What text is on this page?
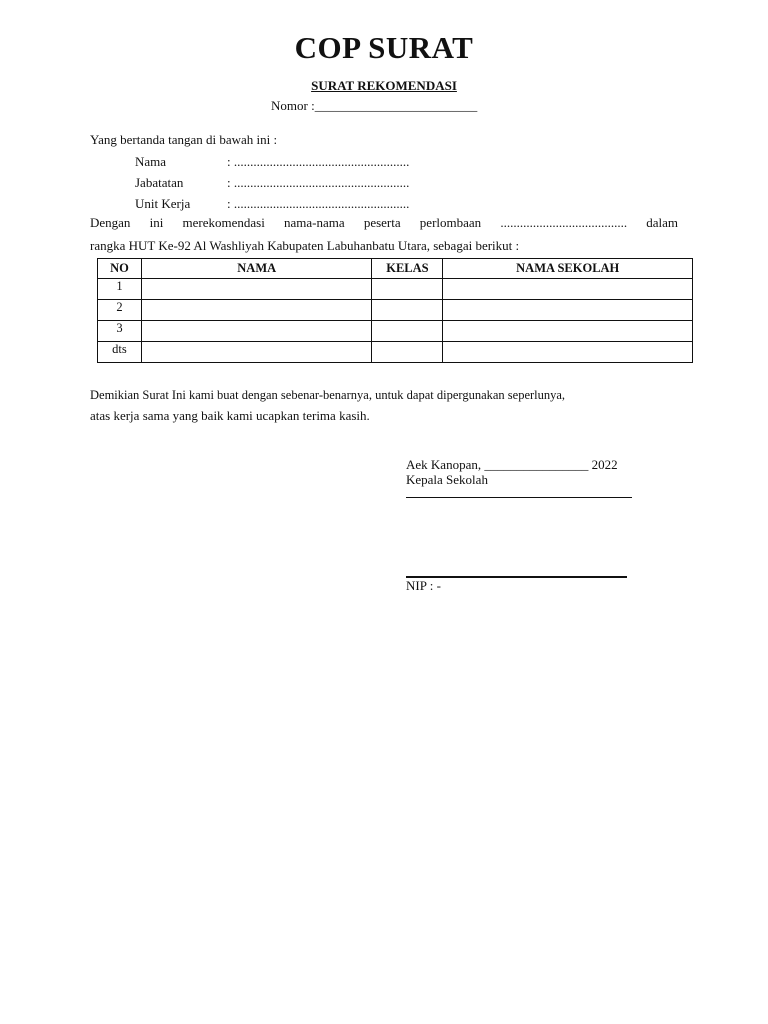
COP SURAT
SURAT REKOMENDASI
Nomor :_________________________
Yang bertanda tangan di bawah ini :
Nama	: ......................................................
Jabatatan	: ......................................................
Unit Kerja	: ......................................................
Dengan ini merekomendasi nama-nama peserta perlombaan ....................................... dalam
rangka HUT Ke-92 Al Washliyah Kabupaten Labuhanbatu Utara, sebagai berikut :
NO	NAMA	KELAS	NAMA SEKOLAH
1			
2			
3			
dts			
Demikian Surat Ini kami buat dengan sebenar-benarnya, untuk dapat dipergunakan seperlunya,
atas kerja sama yang baik kami ucapkan terima kasih.
Aek Kanopan, ________________ 2022
Kepala Sekolah
NIP : -
